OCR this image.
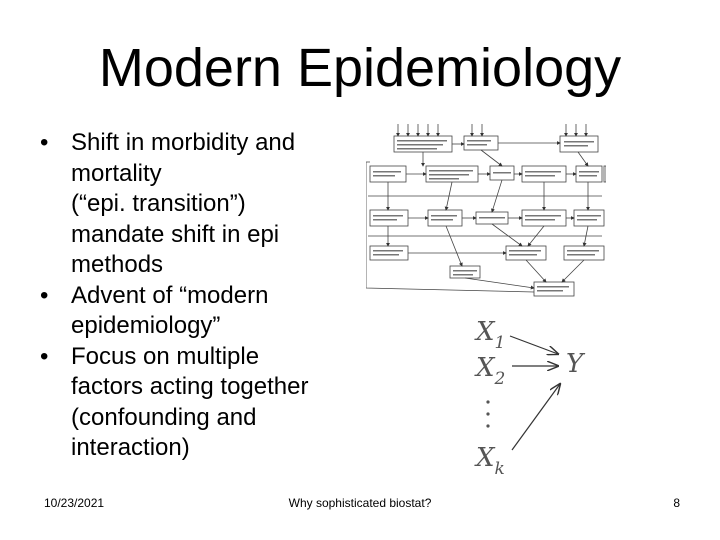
Modern Epidemiology
• Shift in morbidity and
mortality
(“epi. transition”)
mandate shift in epi
methods
• Advent of “modern
epidemiology”
• Focus on multiple
factors acting together
(confounding and
interaction)
$X_1$
$X_2$ Y
$X_k$
10/23/2021	Why sophisticated biostat?	8
